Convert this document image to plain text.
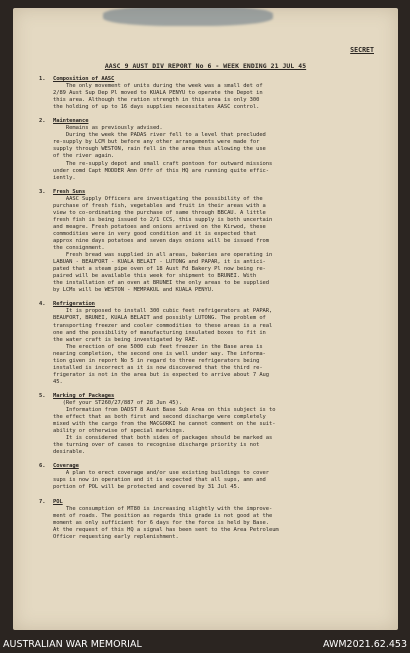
SECRET
AASC 9 AUST DIV REPORT No 6 - WEEK ENDING 21 JUL 45
1.	Composition of AASC

The only movement of units during the week was a small det of
2/89 Aust Sup Dep Pl moved to KUALA PENYU to operate the Depot in
this area. Although the ration strength in this area is only 300
the holding of up to 16 days supplies necessitates AASC control.

2.	Maintenance

Remains as previously advised.
During the week the PADAS river fell to a level that precluded
re-supply by LCM but before any other arrangements were made for
supply through WESTON, rain fell in the area thus allowing the use
of the river again.

The re-supply depot and small craft pontoon for outward missions
under comd Capt MODDER Amn Offr of this HQ are running quite effic-
iently.

3.	Fresh Suns

AASC Supply Officers are investigating the possibility of the
purchase of fresh fish, vegetables and fruit in their areas with a
view to co-ordinating the purchase of same through BBCAU. A little
fresh fish is being issued to 2/1 CCS, this supply is both uncertain
and meagre. Fresh potatoes and onions arrived on the Kirwod, these
commodities were in very good condition and it is expected that
approx nine days potatoes and seven days onions will be issued from
the consignment.

Fresh bread was supplied in all areas, bakeries are operating in
LABUAN - BEAUFORT - KUALA BELAIT - LUTONG and PAPAR, it is antici-
pated that a steam pipe oven of 18 Aust Fd Bakery Pl now being re-
paired will be available this week for shipment to BRUNEI. With
the installation of an oven at BRUNEI the only areas to be supplied
by LCMs will be WESTON - MEMPAKUL and KUALA PENYU.

4.	Refrigeration

It is proposed to install 300 cubic feet refrigerators at PAPAR,
BEAUFORT, BRUNEI, KUALA BELAIT and possibly LUTONG. The problem of
transporting freezer and cooler commodities to these areas is a real
one and the possibility of manufacturing insulated boxes to fit in
the water craft is being investigated by RAE.

The erection of one 5000 cub feet freezer in the Base area is
nearing completion, the second one is well under way. The informa-
tion given in report No 5 in regard to three refrigerators being
installed is incorrect as it is now discovered that the third re-
frigerator is not in the area but is expected to arrive about 7 Aug
45.

5.	Marking of Packages

(Ref your ST260/27/887 of 28 Jun 45).
Information from DADST 8 Aust Base Sub Area on this subject is to
the effect that as both first and second discharge were completely
mixed with the cargo from the MACGORKI he cannot comment on the suit-
ability or otherwise of special markings.
It is considered that both sides of packages should be marked as
the turning over of cases to recognise discharge priority is not
desirable.

6.	Coverage

A plan to erect coverage and/or use existing buildings to cover
sups is now in operation and it is expected that all sups, amn and
portion of POL will be protected and covered by 31 Jul 45.

7.	POL

The consumption of MT80 is increasing slightly with the improve-
ment of roads. The position as regards this grade is not good at the
moment as only sufficient for 6 days for the force is held by Base.
At the request of this HQ a signal has been sent to the Area Petroleum
Officer requesting early replenishment.

AUSTRALIAN WAR MEMORIAL	AWM2021.62.453
